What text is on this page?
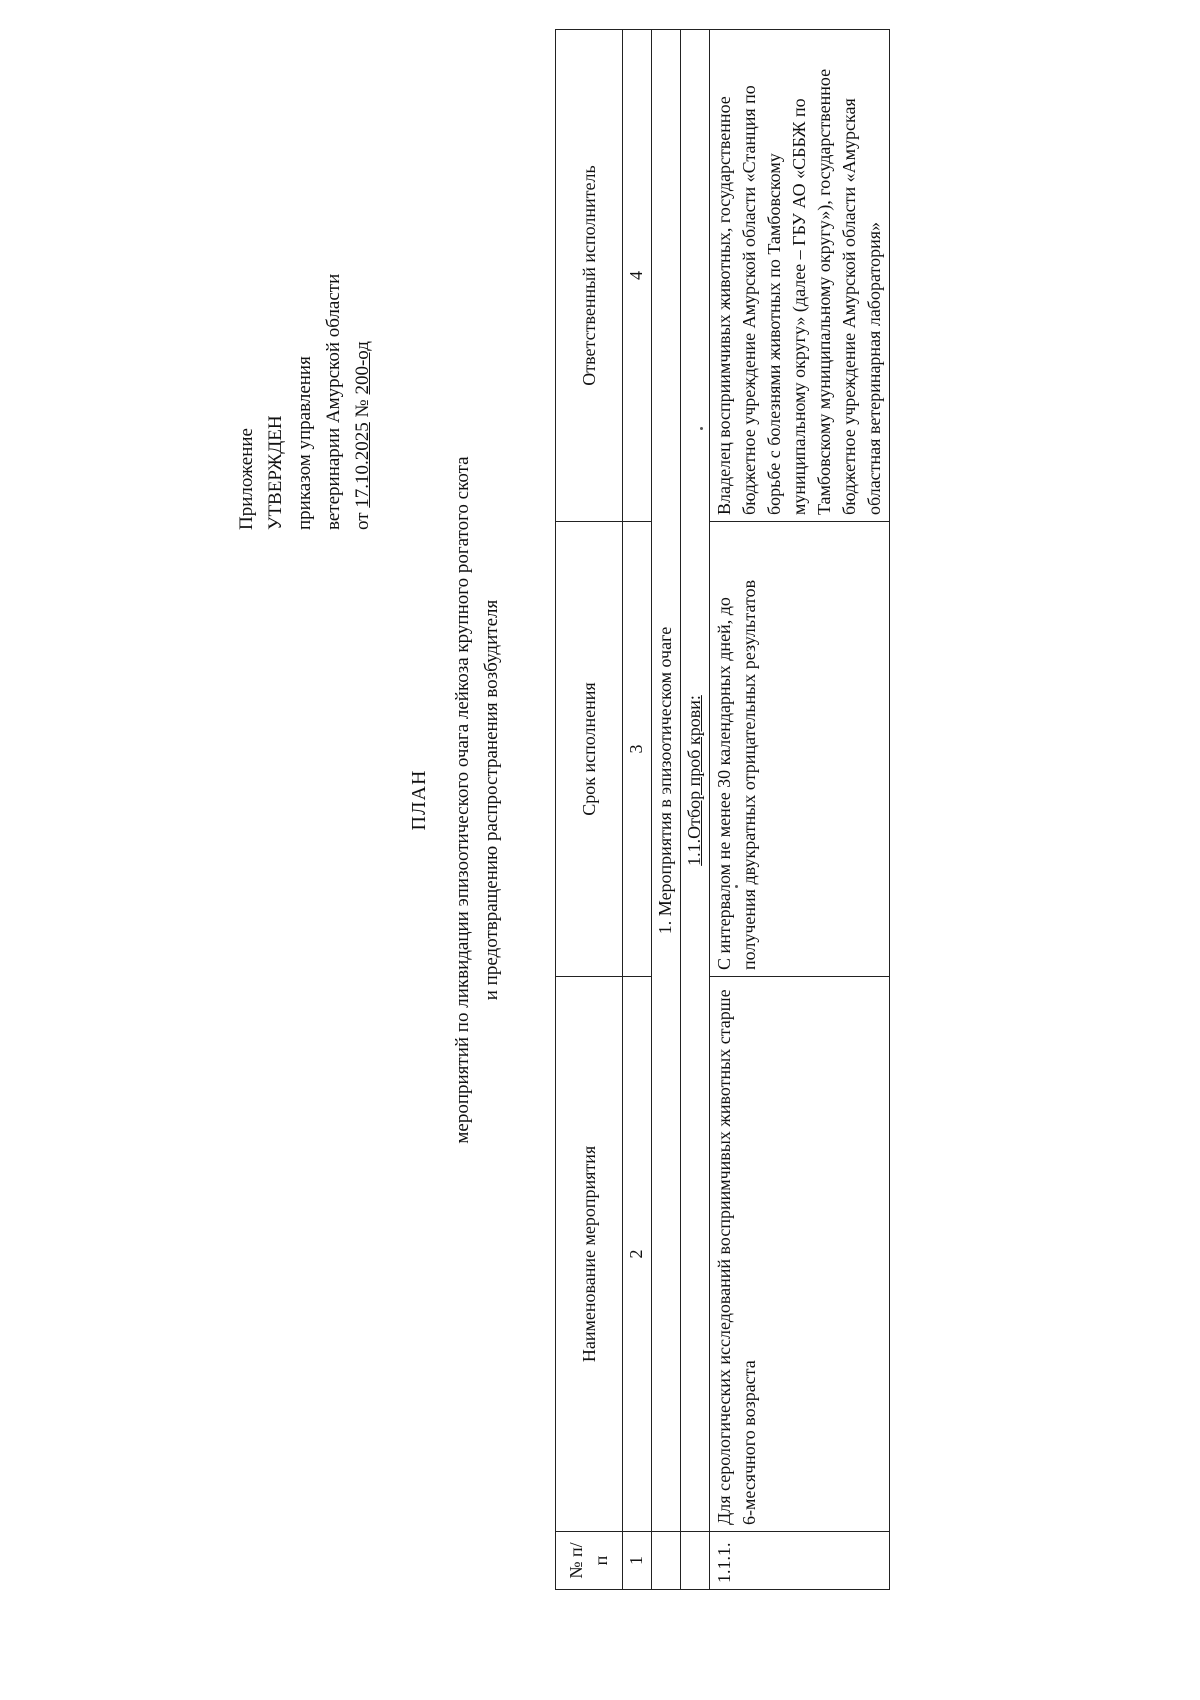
Приложение УТВЕРЖДЕН приказом управления ветеринарии Амурской области от 17.10.2025 № 200-од
ПЛАН мероприятий по ликвидации эпизоотического очага лейкоза крупного рогатого скота и предотвращению распространения возбудителя
№ п/п	Наименование мероприятия	Срок исполнения	Ответственный исполнитель
1	2	3	4
	1. Мероприятия в эпизоотическом очаге		
	1.1.Отбор проб крови:		
1.1.1.	Для серологических исследований восприимчивых животных старше 6-месячного возраста	С интервалом не менее 30 календарных дней, до получения двукратных отрицательных результатов	Владелец восприимчивых животных, государственное бюджетное учреждение Амурской области «Станция по борьбе с болезнями животных по Тамбовскому муниципальному округу» (далее – ГБУ АО «СББЖ по Тамбовскому муниципальному округу»), государственное бюджетное учреждение Амурской области «Амурская областная ветеринарная лаборатория»
